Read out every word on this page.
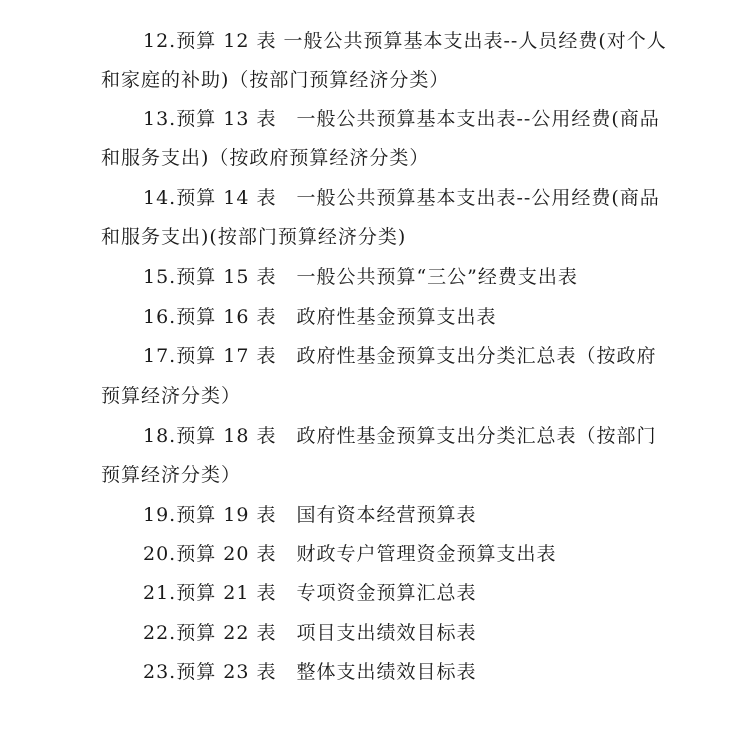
12.预算 12 表 一般公共预算基本支出表--人员经费(对个人
和家庭的补助)（按部门预算经济分类）
13.预算 13 表　一般公共预算基本支出表--公用经费(商品
和服务支出)（按政府预算经济分类）
14.预算 14 表　一般公共预算基本支出表--公用经费(商品
和服务支出)(按部门预算经济分类)
15.预算 15 表　一般公共预算“三公”经费支出表
16.预算 16 表　政府性基金预算支出表
17.预算 17 表　政府性基金预算支出分类汇总表（按政府
预算经济分类）
18.预算 18 表　政府性基金预算支出分类汇总表（按部门
预算经济分类）
19.预算 19 表　国有资本经营预算表
20.预算 20 表　财政专户管理资金预算支出表
21.预算 21 表　专项资金预算汇总表
22.预算 22 表　项目支出绩效目标表
23.预算 23 表　整体支出绩效目标表
